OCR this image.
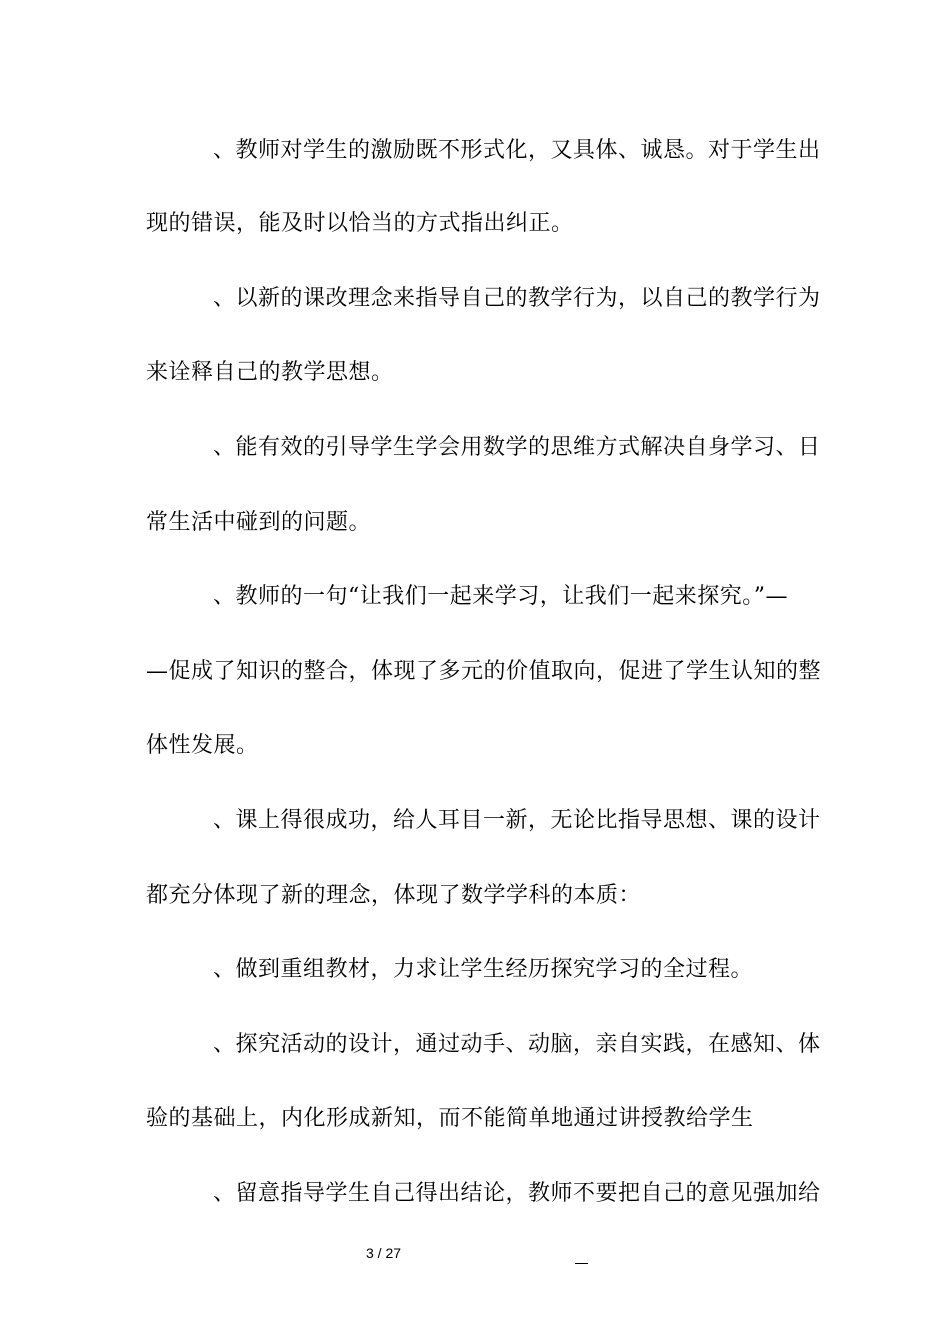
、教师对学生的激励既不形式化，又具体、诚恳。对于学生出
现的错误，能及时以恰当的方式指出纠正。
、以新的课改理念来指导自己的教学行为，以自己的教学行为
来诠释自己的教学思想。
、能有效的引导学生学会用数学的思维方式解决自身学习、日
常生活中碰到的问题。
、教师的一句“让我们一起来学习，让我们一起来探究。”—
—促成了知识的整合，体现了多元的价值取向，促进了学生认知的整
体性发展。
、课上得很成功，给人耳目一新，无论比指导思想、课的设计
都充分体现了新的理念，体现了数学学科的本质：
、做到重组教材，力求让学生经历探究学习的全过程。
、探究活动的设计，通过动手、动脑，亲自实践，在感知、体
验的基础上，内化形成新知，而不能简单地通过讲授教给学生
、留意指导学生自己得出结论，教师不要把自己的意见强加给
3 / 27
